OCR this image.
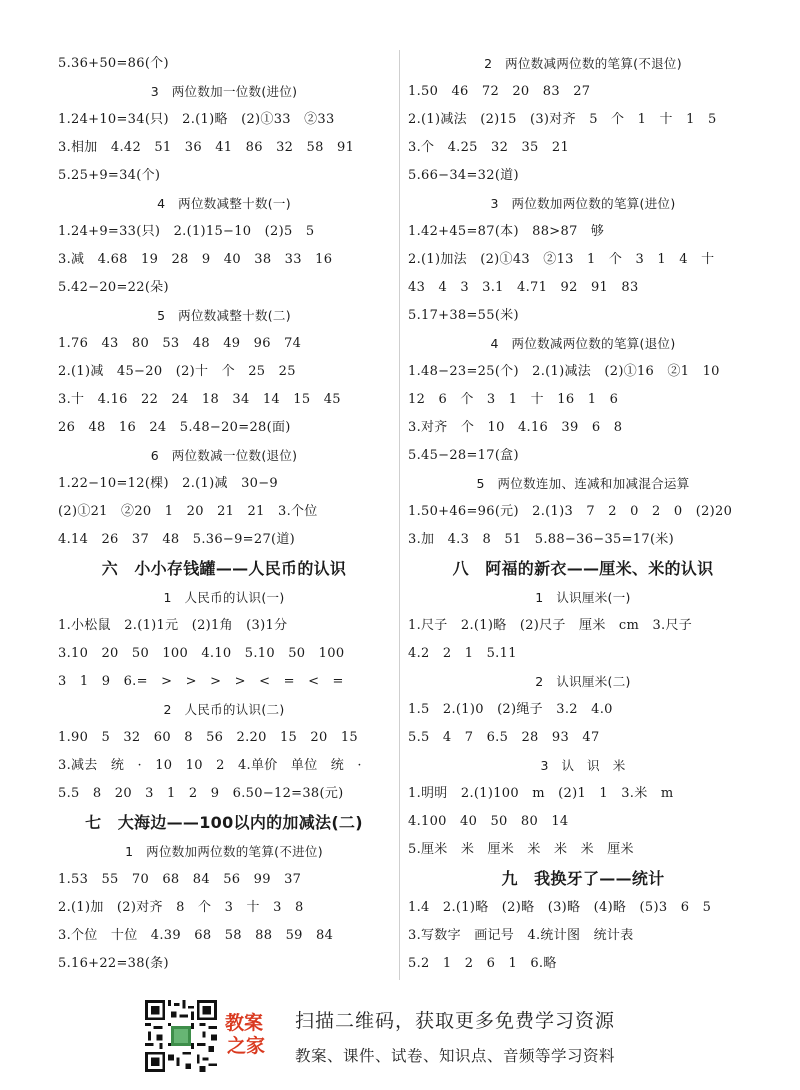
5.36+50=86(个)
3　两位数加一位数(进位)
1.24+10=34(只)　2.(1)略　(2)①33　②33
3.相加　4.42　51　36　41　86　32　58　91
5.25+9=34(个)
4　两位数减整十数(一)
1.24+9=33(只)　2.(1)15−10　(2)5　5
3.减　4.68　19　28　9　40　38　33　16
5.42−20=22(朵)
5　两位数减整十数(二)
1.76　43　80　53　48　49　96　74
2.(1)减　45−20　(2)十　个　25　25
3.十　4.16　22　24　18　34　14　15　45
26　48　16　24　5.48−20=28(面)
6　两位数减一位数(退位)
1.22−10=12(棵)　2.(1)减　30−9
(2)①21　②20　1　20　21　21　3.个位
4.14　26　37　48　5.36−9=27(道)
六　小小存钱罐——人民币的认识
1　人民币的认识(一)
1.小松鼠　2.(1)1元　(2)1角　(3)1分
3.10　20　50　100　4.10　5.10　50　100
3　1　9　6.=　>　>　>　>　<　=　<　=
2　人民币的认识(二)
1.90　5　32　60　8　56　2.20　15　20　15
3.减去　统　·　10　10　2　4.单价　单位　统　·
5.5　8　20　3　1　2　9　6.50−12=38(元)
七　大海边——100以内的加减法(二)
1　两位数加两位数的笔算(不进位)
1.53　55　70　68　84　56　99　37
2.(1)加　(2)对齐　8　个　3　十　3　8
3.个位　十位　4.39　68　58　88　59　84
5.16+22=38(条)
2　两位数减两位数的笔算(不退位)
1.50　46　72　20　83　27
2.(1)减法　(2)15　(3)对齐　5　个　1　十　1　5
3.个　4.25　32　35　21
5.66−34=32(道)
3　两位数加两位数的笔算(进位)
1.42+45=87(本)　88>87　够
2.(1)加法　(2)①43　②13　1　个　3　1　4　十
43　4　3　3.1　4.71　92　91　83
5.17+38=55(米)
4　两位数减两位数的笔算(退位)
1.48−23=25(个)　2.(1)减法　(2)①16　②1　10
12　6　个　3　1　十　16　1　6
3.对齐　个　10　4.16　39　6　8
5.45−28=17(盒)
5　两位数连加、连减和加减混合运算
1.50+46=96(元)　2.(1)3　7　2　0　2　0　(2)20
3.加　4.3　8　51　5.88−36−35=17(米)
八　阿福的新衣——厘米、米的认识
1　认识厘米(一)
1.尺子　2.(1)略　(2)尺子　厘米　cm　3.尺子
4.2　2　1　5.11
2　认识厘米(二)
1.5　2.(1)0　(2)绳子　3.2　4.0
5.5　4　7　6.5　28　93　47
3　认　识　米
1.明明　2.(1)100　m　(2)1　1　3.米　m
4.100　40　50　80　14
5.厘米　米　厘米　米　米　米　厘米
九　我换牙了——统计
1.4　2.(1)略　(2)略　(3)略　(4)略　(5)3　6　5
3.写数字　画记号　4.统计图　统计表
5.2　1　2　6　1　6.略
教案
之家
扫描二维码，获取更多免费学习资源
教案、课件、试卷、知识点、音频等学习资料
